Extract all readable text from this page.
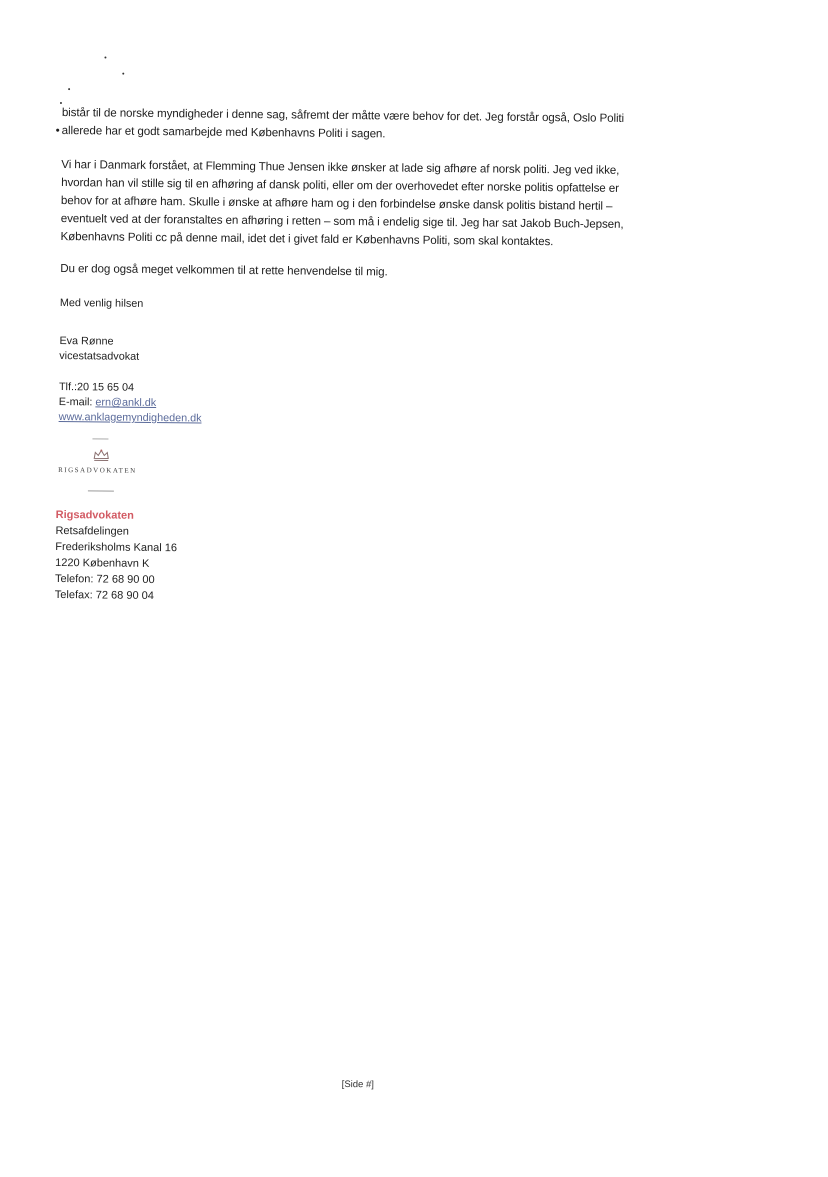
bistår til de norske myndigheder i denne sag, såfremt der måtte være behov for det. Jeg forstår også, Oslo Politi

• allerede har et godt samarbejde med Københavns Politi i sagen.

Vi har i Danmark forstået, at Flemming Thue Jensen ikke ønsker at lade sig afhøre af norsk politi. Jeg ved ikke,

hvordan han vil stille sig til en afhøring af dansk politi, eller om der overhovedet efter norske politis opfattelse er

behov for at afhøre ham. Skulle i ønske at afhøre ham og i den forbindelse ønske dansk politis bistand hertil –

eventuelt ved at der foranstaltes en afhøring i retten – som må i endelig sige til. Jeg har sat Jakob Buch-Jepsen,

Københavns Politi cc på denne mail, idet det i givet fald er Københavns Politi, som skal kontaktes.

Du er dog også meget velkommen til at rette henvendelse til mig.

Med venlig hilsen
Eva Rønne
vicestatsadvokat
Tlf.:20 15 65 04
E-mail: ern@ankl.dk
www.anklagemyndigheden.dk
RIGSADVOKATEN
Rigsadvokaten
Retsafdelingen
Frederiksholms Kanal 16
1220 København K
Telefon: 72 68 90 00
Telefax: 72 68 90 04
[Side #]
